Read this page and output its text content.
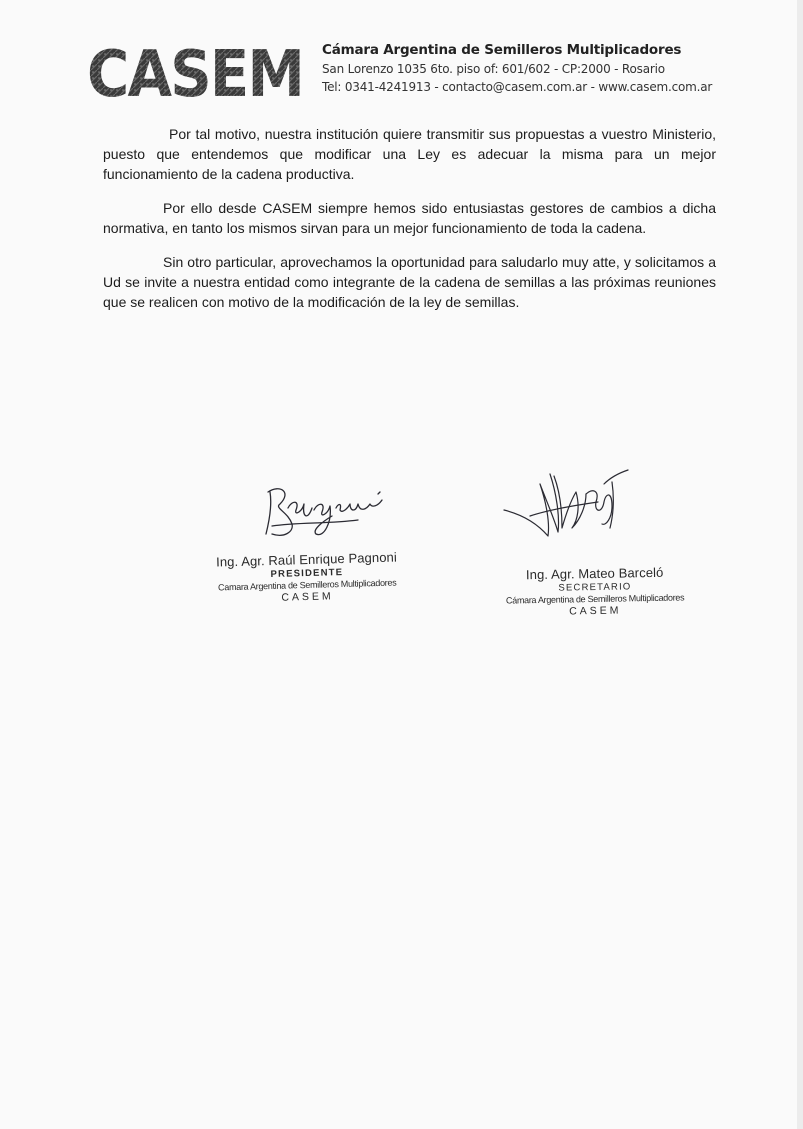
CASEM Cámara Argentina de Semilleros Multiplicadores
San Lorenzo 1035 6to. piso of: 601/602 - CP:2000 - Rosario
Tel: 0341-4241913 - contacto@casem.com.ar - www.casem.com.ar

Por tal motivo, nuestra institución quiere transmitir sus propuestas a vuestro Ministerio, puesto que entendemos que modificar una Ley es adecuar la misma para un mejor funcionamiento de la cadena productiva.

Por ello desde CASEM siempre hemos sido entusiastas gestores de cambios a dicha normativa, en tanto los mismos sirvan para un mejor funcionamiento de toda la cadena.

Sin otro particular, aprovechamos la oportunidad para saludarlo muy atte, y solicitamos a Ud se invite a nuestra entidad como integrante de la cadena de semillas a las próximas reuniones que se realicen con motivo de la modificación de la ley de semillas.

Ing. Agr. Raúl Enrique Pagnoni
PRESIDENTE
Camara Argentina de Semilleros Multiplicadores
CASEM
Ing. Agr. Mateo Barceló
SECRETARIO
Cámara Argentina de Semilleros Multiplicadores
CASEM
